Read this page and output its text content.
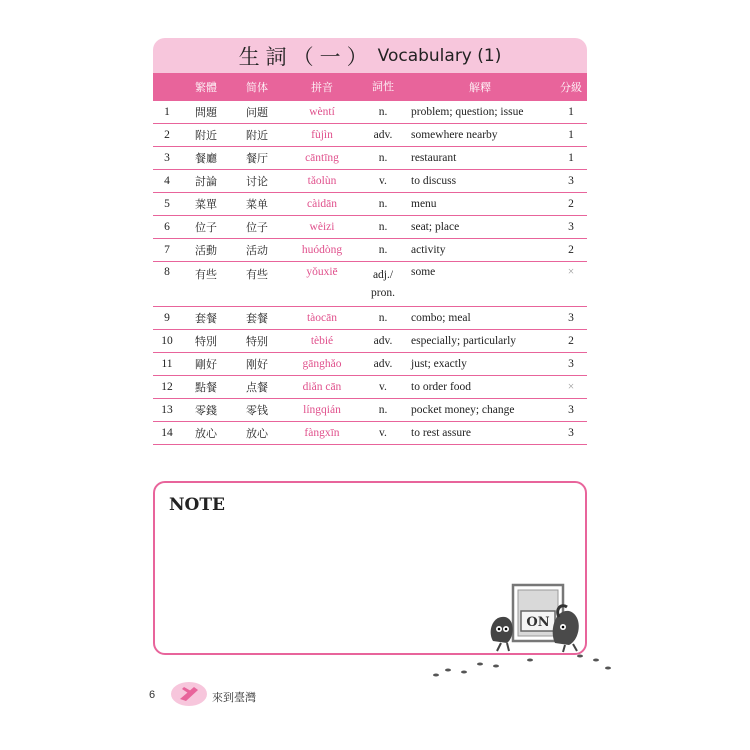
生詞（一） Vocabulary (1)
	繁體	简体	拼音	詞性	解釋	分級
1	問題	问题	wèntí	n.	problem; question; issue	1
2	附近	附近	fùjìn	adv.	somewhere nearby	1
3	餐廳	餐厅	cāntīng	n.	restaurant	1
4	討論	讨论	tǎolùn	v.	to discuss	3
5	菜單	菜单	càidān	n.	menu	2
6	位子	位子	wèizi	n.	seat; place	3
7	活動	活动	huódòng	n.	activity	2
8	有些	有些	yǒuxiē	adj./
pron.	some	×
9	套餐	套餐	tàocān	n.	combo; meal	3
10	特別	特别	tèbié	adv.	especially; particularly	2
11	剛好	刚好	gānghǎo	adv.	just; exactly	3
12	點餐	点餐	diǎn cān	v.	to order food	×
13	零錢	零钱	língqián	n.	pocket money; change	3
14	放心	放心	fàngxīn	v.	to rest assure	3
NOTE
ON
6	來到臺灣
